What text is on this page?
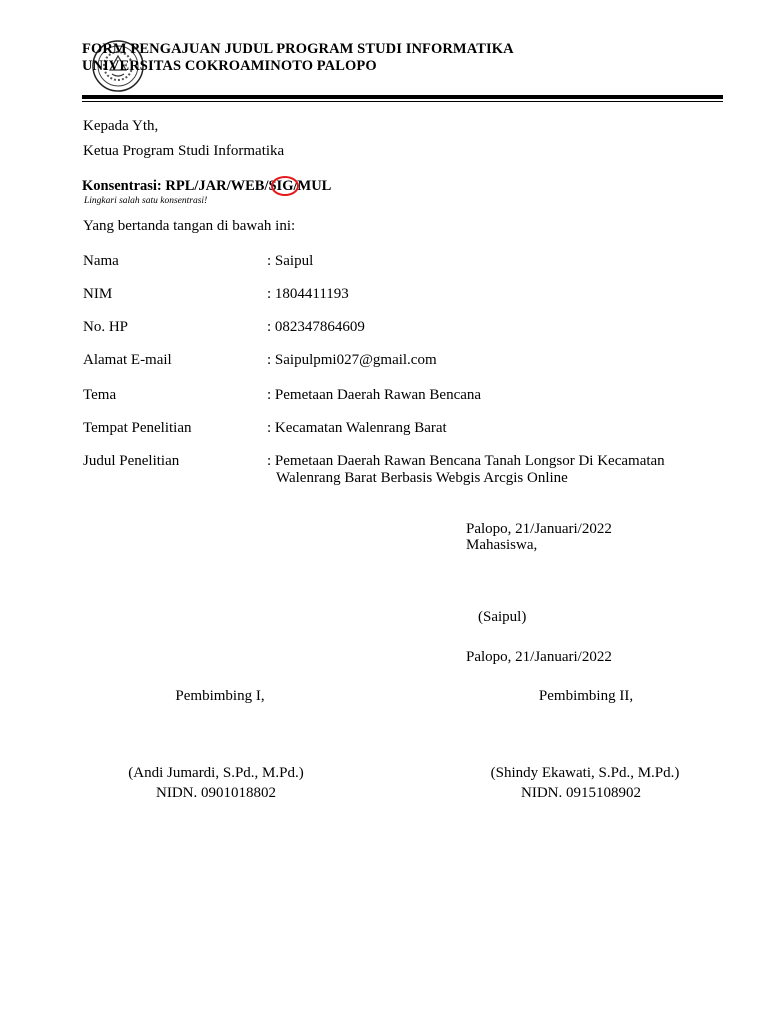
FORM PENGAJUAN JUDUL PROGRAM STUDI INFORMATIKA
UNIVERSITAS COKROAMINOTO PALOPO
Kepada Yth,
Ketua Program Studi Informatika
Konsentrasi: RPL/JAR/WEB/SIG/MUL
Lingkari salah satu konsentrasi!
Yang bertanda tangan di bawah ini:
Nama	: Saipul
NIM	: 1804411193
No. HP	: 082347864609
Alamat E-mail	: Saipulpmi027@gmail.com
Tema	: Pemetaan Daerah Rawan Bencana
Tempat Penelitian	: Kecamatan Walenrang Barat
Judul Penelitian	: Pemetaan Daerah Rawan Bencana Tanah Longsor Di Kecamatan
Walenrang Barat Berbasis Webgis Arcgis Online
Palopo, 21/Januari/2022
Mahasiswa,
(Saipul)
Palopo, 21/Januari/2022
Pembimbing I,	Pembimbing II,
(Andi Jumardi, S.Pd., M.Pd.)
NIDN. 0901018802
(Shindy Ekawati, S.Pd., M.Pd.)
NIDN. 0915108902
